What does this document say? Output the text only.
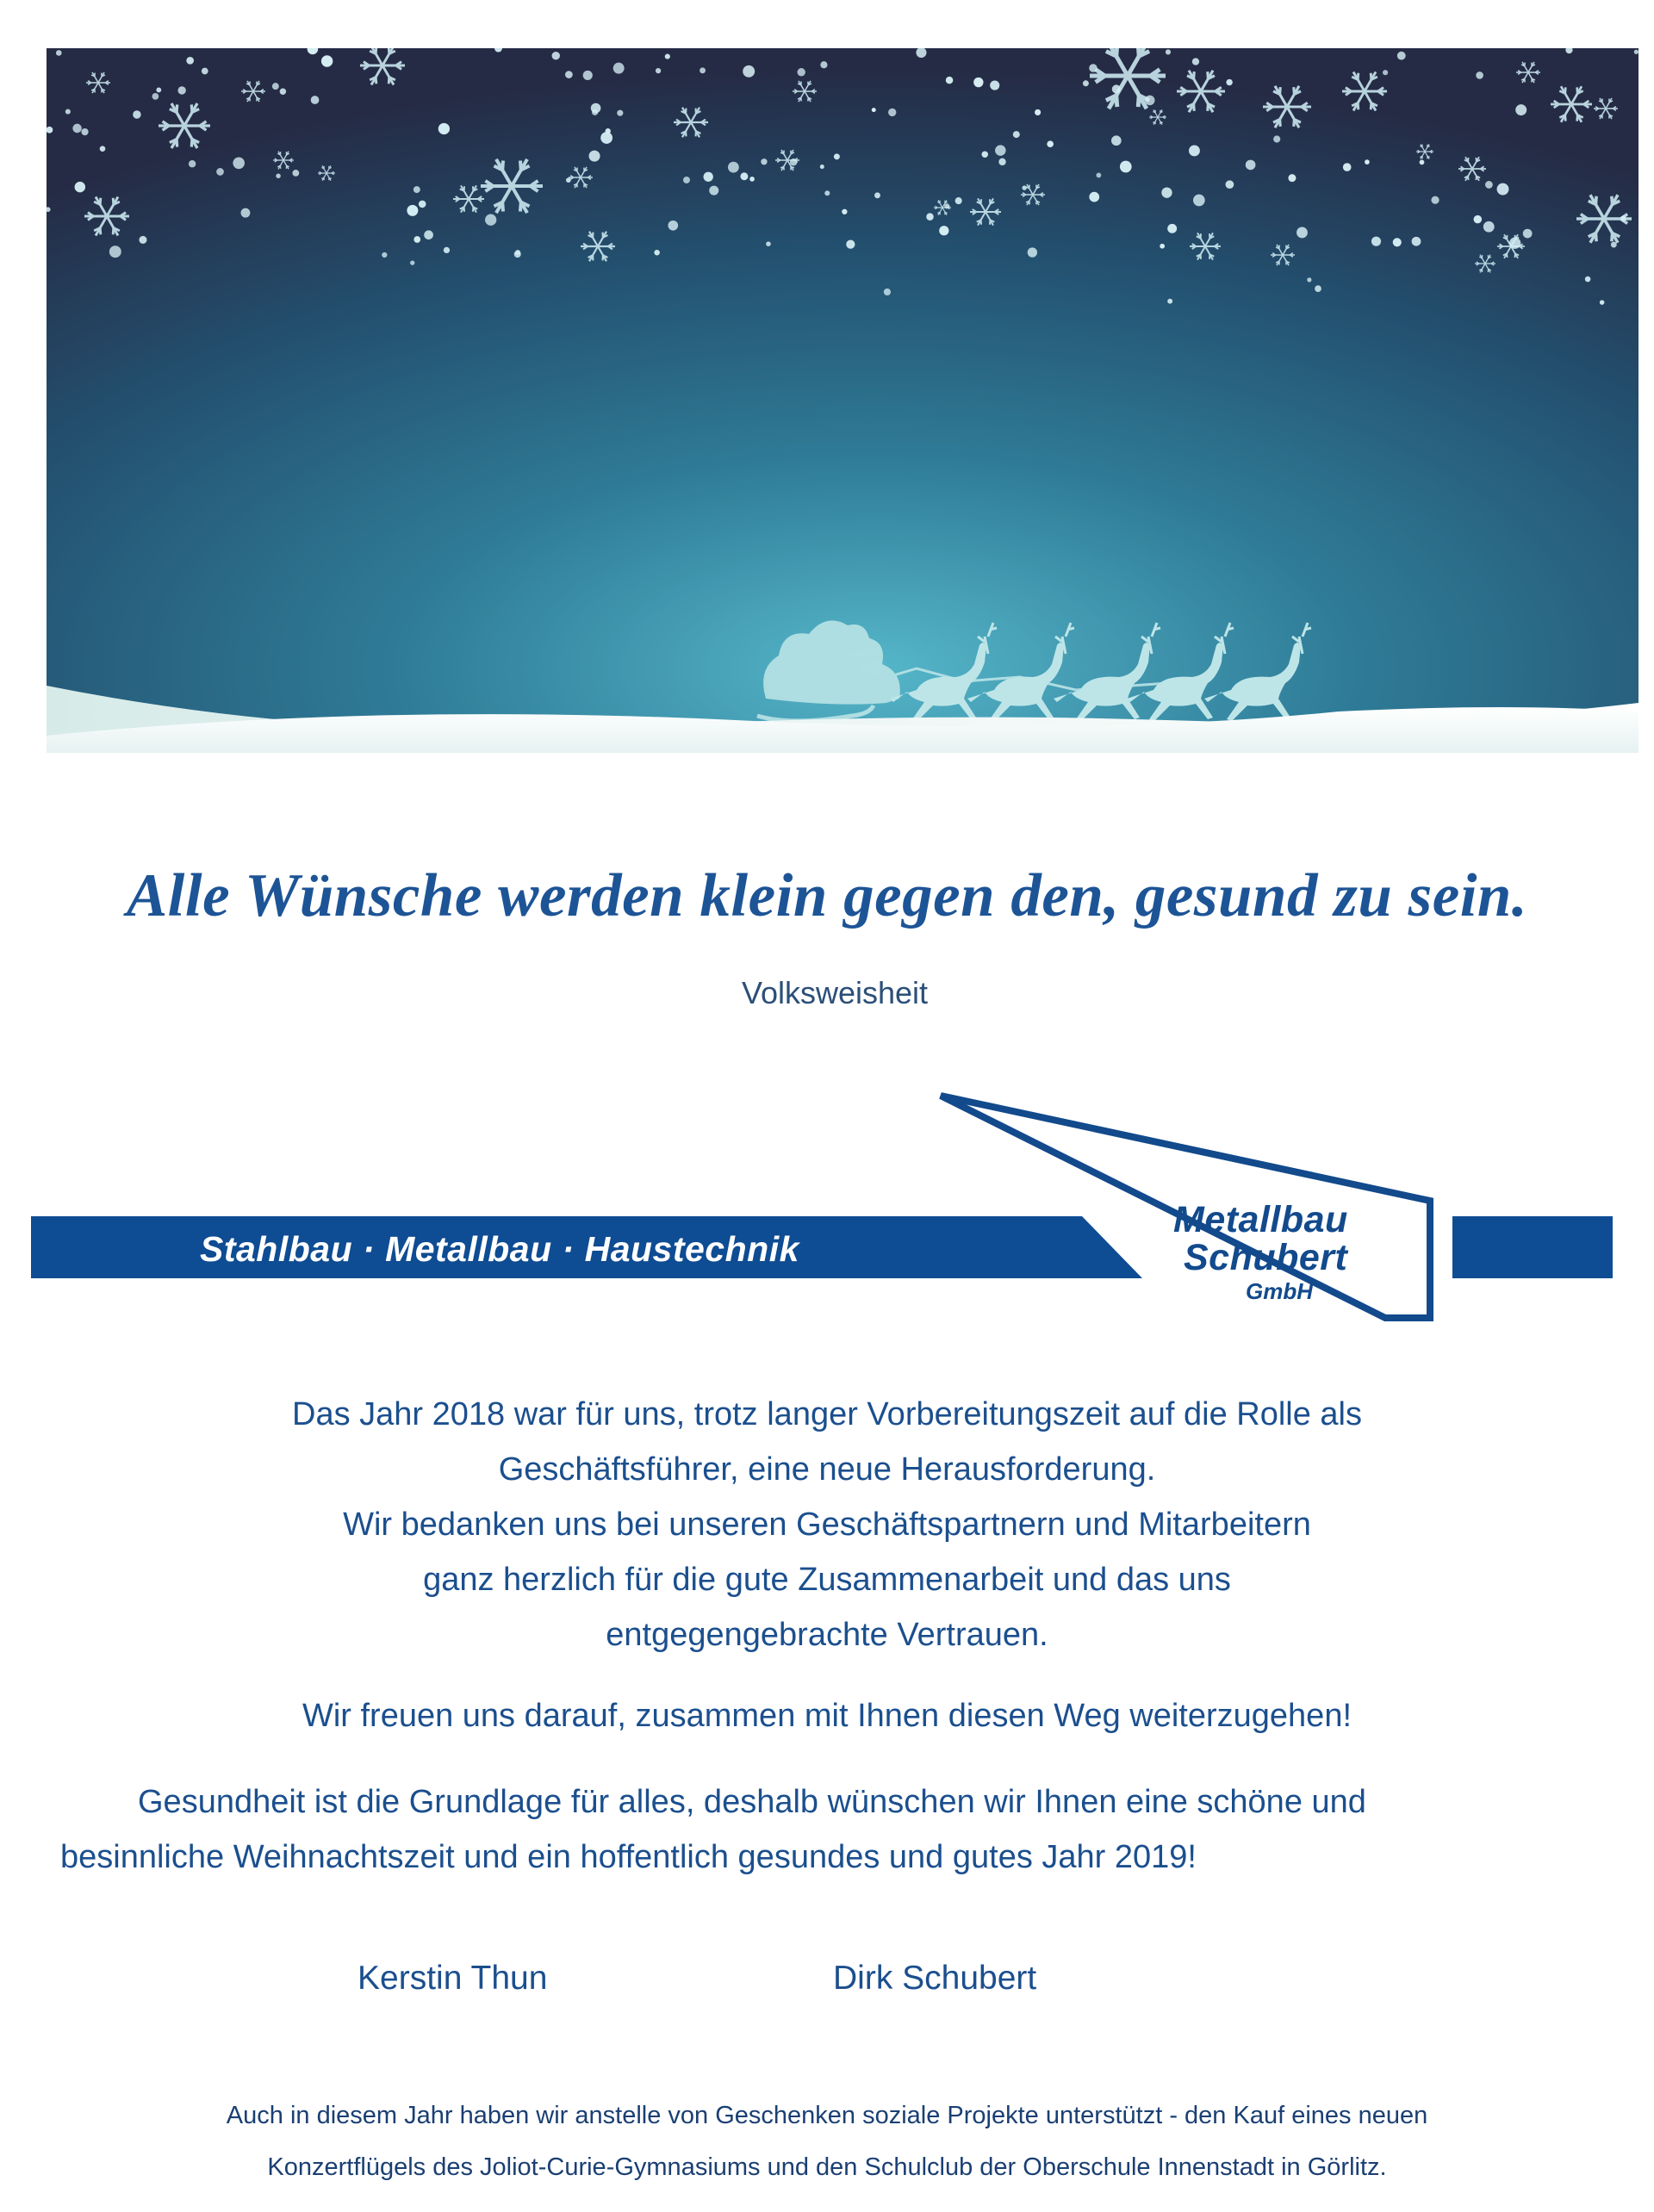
Alle Wünsche werden klein gegen den, gesund zu sein.
Volksweisheit
Stahlbau · Metallbau · Haustechnik
Metallbau
Schubert
GmbH
Das Jahr 2018 war für uns, trotz langer Vorbereitungszeit auf die Rolle als
Geschäftsführer, eine neue Herausforderung.
Wir bedanken uns bei unseren Geschäftspartnern und Mitarbeitern
ganz herzlich für die gute Zusammenarbeit und das uns
entgegengebrachte Vertrauen.
Wir freuen uns darauf, zusammen mit Ihnen diesen Weg weiterzugehen!
Gesundheit ist die Grundlage für alles, deshalb wünschen wir Ihnen eine schöne und
besinnliche Weihnachtszeit und ein hoffentlich gesundes und gutes Jahr 2019!
Kerstin Thun	Dirk Schubert
Auch in diesem Jahr haben wir anstelle von Geschenken soziale Projekte unterstützt - den Kauf eines neuen
Konzertflügels des Joliot-Curie-Gymnasiums und den Schulclub der Oberschule Innenstadt in Görlitz.
